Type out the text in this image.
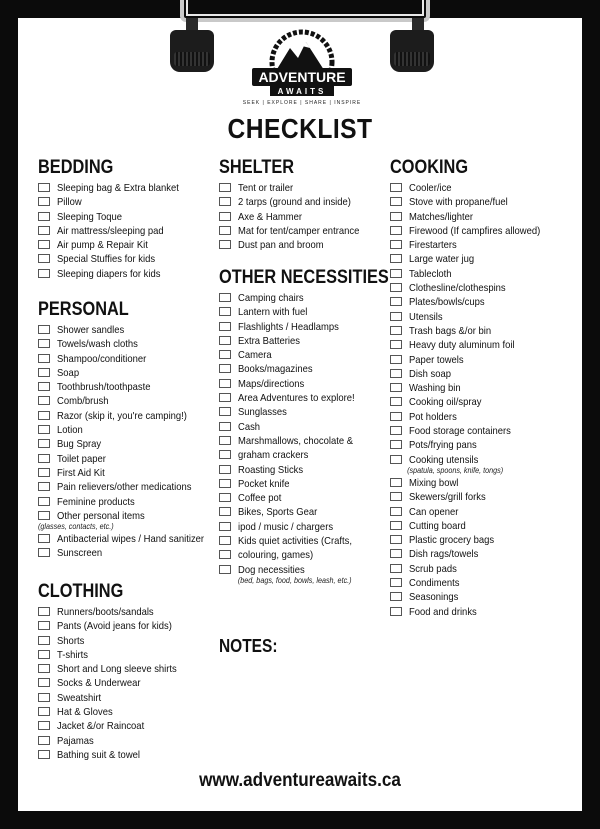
ADVENTURE
AWAITS
SEEK | EXPLORE | SHARE | INSPIRE
CHECKLIST
BEDDING
Sleeping bag & Extra blanket
Pillow
Sleeping Toque
Air mattress/sleeping pad
Air pump & Repair Kit
Special Stuffies for kids
Sleeping diapers for kids
PERSONAL
Shower sandles
Towels/wash cloths
Shampoo/conditioner
Soap
Toothbrush/toothpaste
Comb/brush
Razor (skip it, you're camping!)
Lotion
Bug Spray
Toilet paper
First Aid Kit
Pain relievers/other medications
Feminine products
Other personal items
(glasses, contacts, etc.)
Antibacterial wipes / Hand sanitizer
Sunscreen
CLOTHING
Runners/boots/sandals
Pants (Avoid jeans for kids)
Shorts
T-shirts
Short and Long sleeve shirts
Socks & Underwear
Sweatshirt
Hat & Gloves
Jacket &/or Raincoat
Pajamas
Bathing suit & towel
SHELTER
Tent or trailer
2 tarps (ground and inside)
Axe & Hammer
Mat for tent/camper entrance
Dust pan and broom
OTHER NECESSITIES
Camping chairs
Lantern with fuel
Flashlights / Headlamps
Extra Batteries
Camera
Books/magazines
Maps/directions
Area Adventures to explore!
Sunglasses
Cash
Marshmallows, chocolate &
graham crackers
Roasting Sticks
Pocket knife
Coffee pot
Bikes, Sports Gear
ipod / music / chargers
Kids quiet activities (Crafts,
colouring, games)
Dog necessities
(bed, bags, food, bowls, leash, etc.)
COOKING
Cooler/ice
Stove with propane/fuel
Matches/lighter
Firewood (If campfires allowed)
Firestarters
Large water jug
Tablecloth
Clothesline/clothespins
Plates/bowls/cups
Utensils
Trash bags &/or bin
Heavy duty aluminum foil
Paper towels
Dish soap
Washing bin
Cooking oil/spray
Pot holders
Food storage containers
Pots/frying pans
Cooking utensils
(spatula, spoons, knife, tongs)
Mixing bowl
Skewers/grill forks
Can opener
Cutting board
Plastic grocery bags
Dish rags/towels
Scrub pads
Condiments
Seasonings
Food and drinks
NOTES:
www.adventureawaits.ca
